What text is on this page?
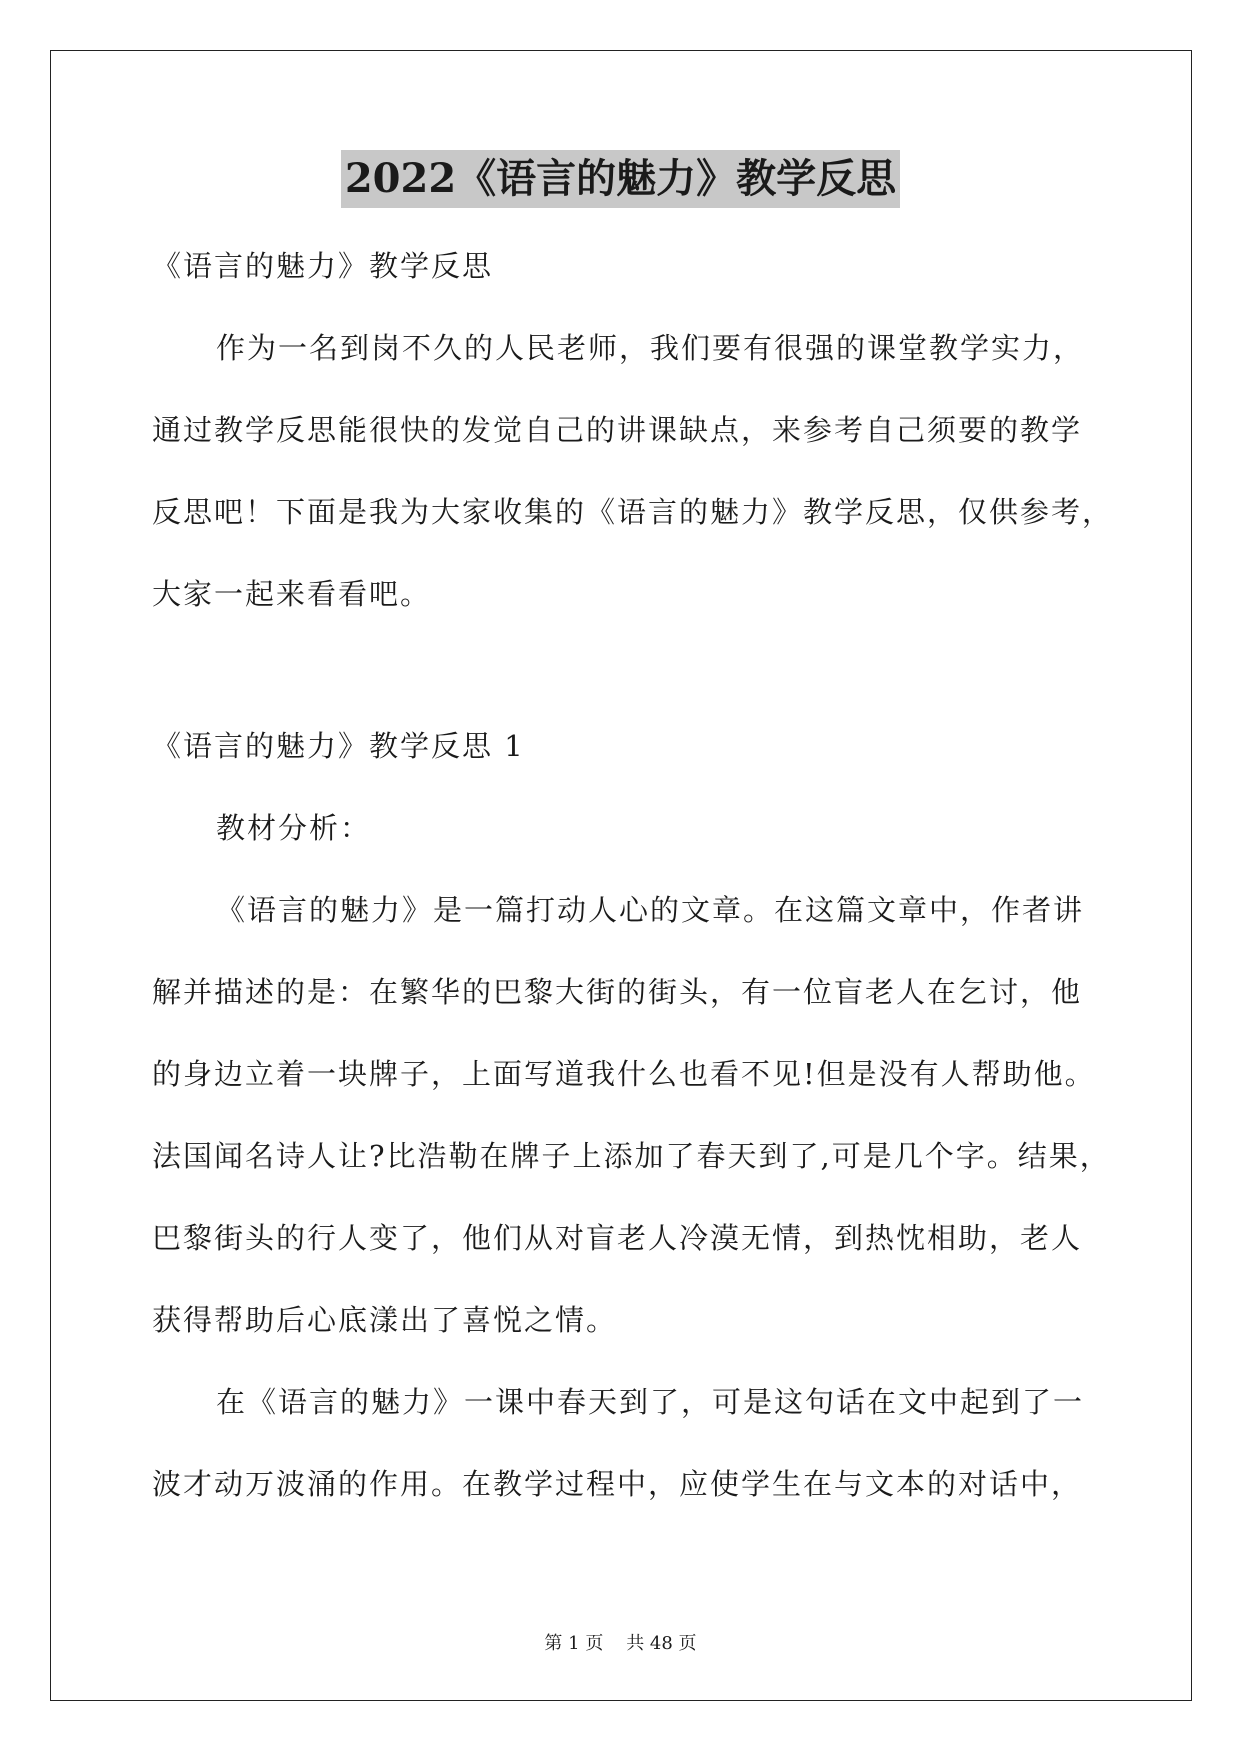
2022《语言的魅力》教学反思
《语言的魅力》教学反思
作为一名到岗不久的人民老师，我们要有很强的课堂教学实力，
通过教学反思能很快的发觉自己的讲课缺点，来参考自己须要的教学
反思吧！下面是我为大家收集的《语言的魅力》教学反思，仅供参考，
大家一起来看看吧。
《语言的魅力》教学反思 1
教材分析：
《语言的魅力》是一篇打动人心的文章。在这篇文章中，作者讲
解并描述的是：在繁华的巴黎大街的街头，有一位盲老人在乞讨，他
的身边立着一块牌子，上面写道我什么也看不见!但是没有人帮助他。
法国闻名诗人让?比浩勒在牌子上添加了春天到了,可是几个字。结果，
巴黎街头的行人变了，他们从对盲老人冷漠无情，到热忱相助，老人
获得帮助后心底漾出了喜悦之情。
在《语言的魅力》一课中春天到了，可是这句话在文中起到了一
波才动万波涌的作用。在教学过程中，应使学生在与文本的对话中，
第 1 页    共 48 页
